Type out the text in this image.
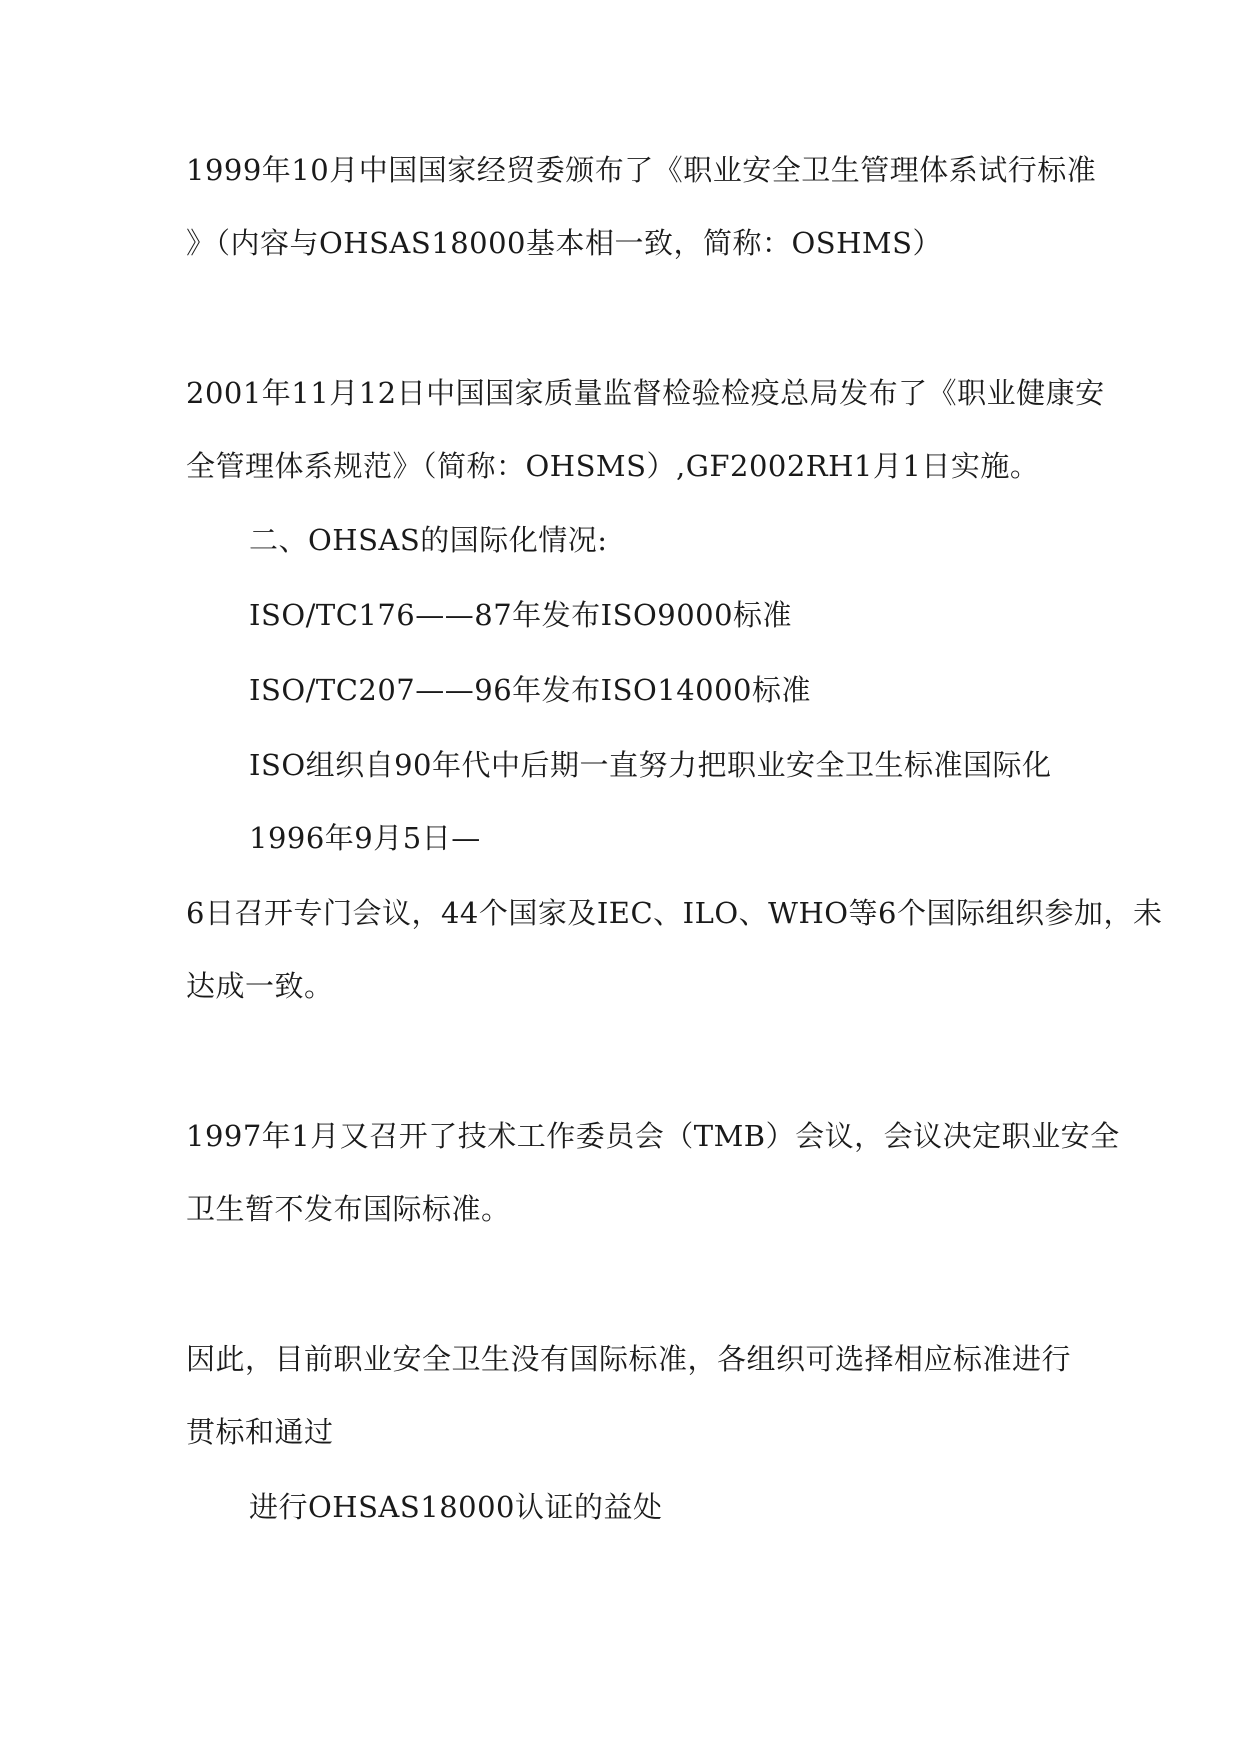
1999年10月中国国家经贸委颁布了《职业安全卫生管理体系试行标准
》（内容与OHSAS18000基本相一致，简称：OSHMS）
2001年11月12日中国国家质量监督检验检疫总局发布了《职业健康安
全管理体系规范》（简称：OHSMS）,GF2002RH1月1日实施。
二、OHSAS的国际化情况:
ISO/TC176——87年发布ISO9000标准
ISO/TC207——96年发布ISO14000标准
ISO组织自90年代中后期一直努力把职业安全卫生标准国际化
1996年9月5日—
6日召开专门会议，44个国家及IEC、ILO、WHO等6个国际组织参加，未
达成一致。
1997年1月又召开了技术工作委员会（TMB）会议，会议决定职业安全
卫生暂不发布国际标准。
因此，目前职业安全卫生没有国际标准，各组织可选择相应标准进行
贯标和通过
进行OHSAS18000认证的益处
